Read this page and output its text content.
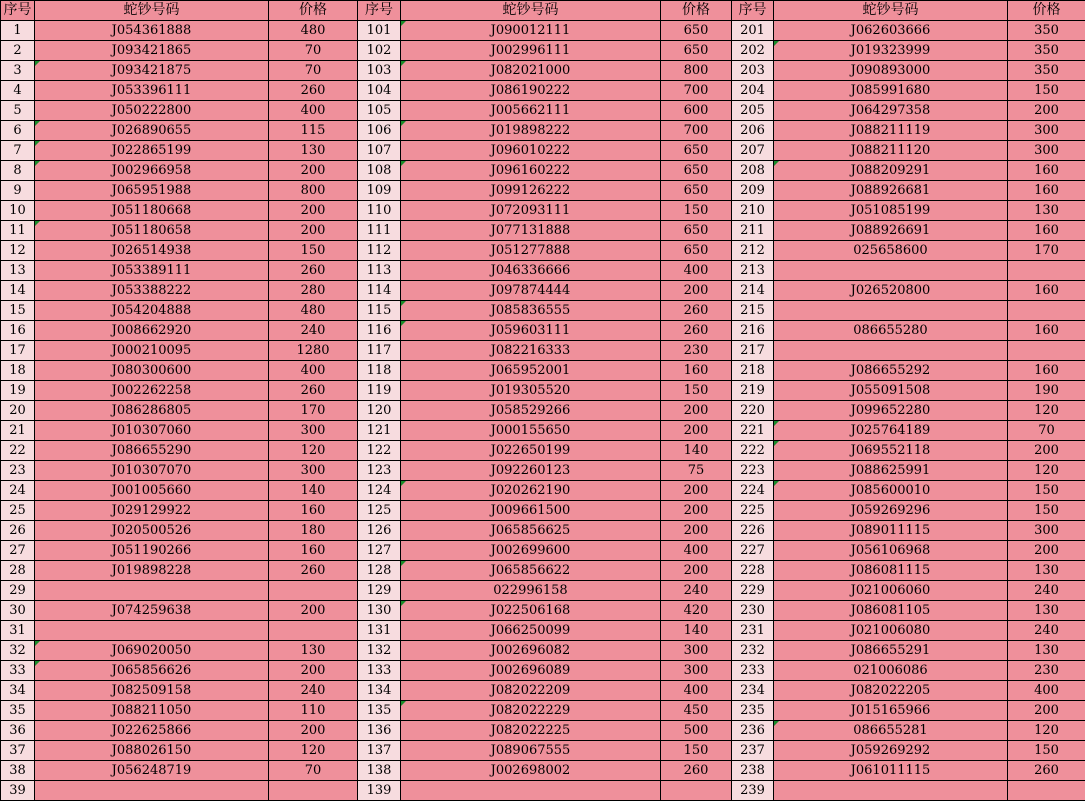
序号	蛇钞号码	价格	序号	蛇钞号码	价格	序号	蛇钞号码	价格
1	J054361888	480	101	J090012111	650	201	J062603666	350
2	J093421865	70	102	J002996111	650	202	J019323999	350
3	J093421875	70	103	J082021000	800	203	J090893000	350
4	J053396111	260	104	J086190222	700	204	J085991680	150
5	J050222800	400	105	J005662111	600	205	J064297358	200
6	J026890655	115	106	J019898222	700	206	J088211119	300
7	J022865199	130	107	J096010222	650	207	J088211120	300
8	J002966958	200	108	J096160222	650	208	J088209291	160
9	J065951988	800	109	J099126222	650	209	J088926681	160
10	J051180668	200	110	J072093111	150	210	J051085199	130
11	J051180658	200	111	J077131888	650	211	J088926691	160
12	J026514938	150	112	J051277888	650	212	025658600	170
13	J053389111	260	113	J046336666	400	213		
14	J053388222	280	114	J097874444	200	214	J026520800	160
15	J054204888	480	115	J085836555	260	215		
16	J008662920	240	116	J059603111	260	216	086655280	160
17	J000210095	1280	117	J082216333	230	217		
18	J080300600	400	118	J065952001	160	218	J086655292	160
19	J002262258	260	119	J019305520	150	219	J055091508	190
20	J086286805	170	120	J058529266	200	220	J099652280	120
21	J010307060	300	121	J000155650	200	221	J025764189	70
22	J086655290	120	122	J022650199	140	222	J069552118	200
23	J010307070	300	123	J092260123	75	223	J088625991	120
24	J001005660	140	124	J020262190	200	224	J085600010	150
25	J029129922	160	125	J009661500	200	225	J059269296	150
26	J020500526	180	126	J065856625	200	226	J089011115	300
27	J051190266	160	127	J002699600	400	227	J056106968	200
28	J019898228	260	128	J065856622	200	228	J086081115	130
29			129	022996158	240	229	J021006060	240
30	J074259638	200	130	J022506168	420	230	J086081105	130
31			131	J066250099	140	231	J021006080	240
32	J069020050	130	132	J002696082	300	232	J086655291	130
33	J065856626	200	133	J002696089	300	233	021006086	230
34	J082509158	240	134	J082022209	400	234	J082022205	400
35	J088211050	110	135	J082022229	450	235	J015165966	200
36	J022625866	200	136	J082022225	500	236	086655281	120
37	J088026150	120	137	J089067555	150	237	J059269292	150
38	J056248719	70	138	J002698002	260	238	J061011115	260
39			139			239		
